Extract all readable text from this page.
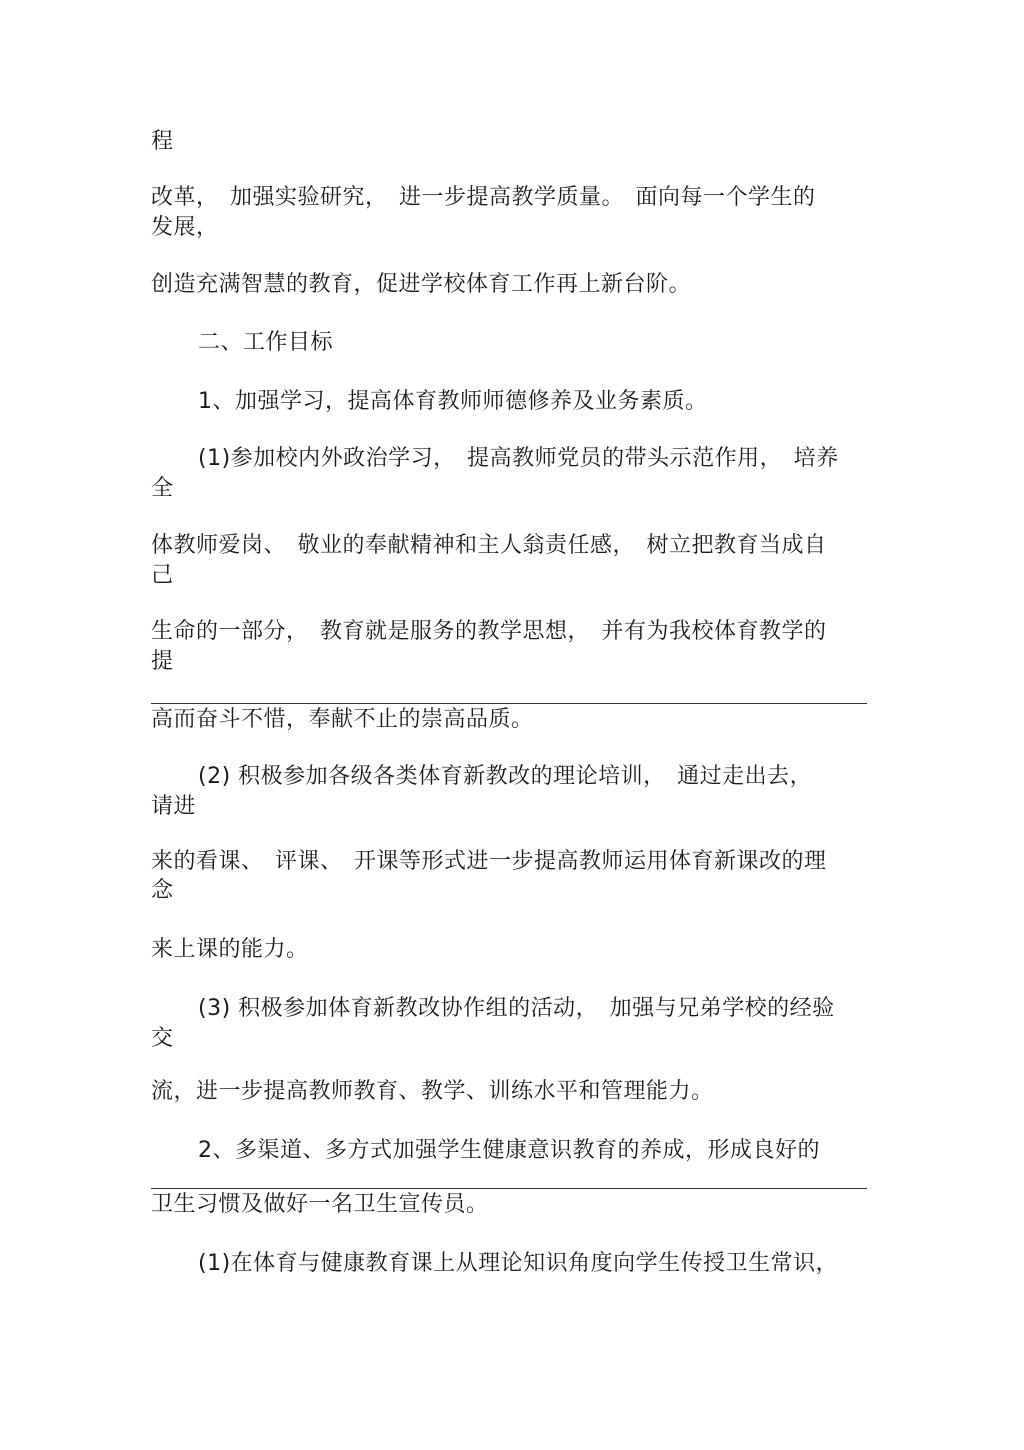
程
改革，　加强实验研究，　进一步提高教学质量。　面向每一个学生的
发展，
创造充满智慧的教育，促进学校体育工作再上新台阶。
二、工作目标
1、加强学习，提高体育教师师德修养及业务素质。
(1)参加校内外政治学习，　提高教师党员的带头示范作用，　培养
全
体教师爱岗、　敬业的奉献精神和主人翁责任感，　树立把教育当成自
己
生命的一部分，　教育就是服务的教学思想，　并有为我校体育教学的
提
高而奋斗不惜，奉献不止的崇高品质。
(2) 积极参加各级各类体育新教改的理论培训，　通过走出去，
请进
来的看课、　评课、　开课等形式进一步提高教师运用体育新课改的理
念
来上课的能力。
(3) 积极参加体育新教改协作组的活动，　加强与兄弟学校的经验
交
流，进一步提高教师教育、教学、训练水平和管理能力。
2、多渠道、多方式加强学生健康意识教育的养成，形成良好的
卫生习惯及做好一名卫生宣传员。
(1)在体育与健康教育课上从理论知识角度向学生传授卫生常识，
